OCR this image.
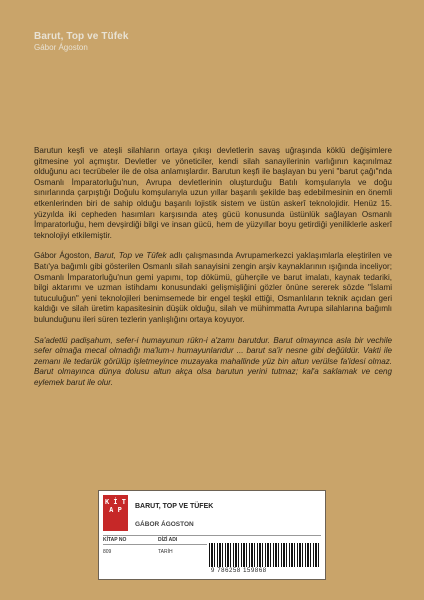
Barut, Top ve Tüfek
Gábor Ágoston

Barutun keşfi ve ateşli silahların ortaya çıkışı devletlerin savaş uğraşında köklü değişimlere gitmesine yol açmıştır. Devletler ve yöneticiler, kendi silah sanayilerinin varlığının kaçınılmaz olduğunu acı tecrübeler ile de olsa anlamışlardır. Barutun keşfi ile başlayan bu yeni "barut çağı"nda Osmanlı İmparatorluğu'nun, Avrupa devletlerinin oluşturduğu Batılı komşularıyla ve doğu sınırlarında çarpıştığı Doğulu komşularıyla uzun yıllar başarılı şekilde baş edebilmesinin en önemli etkenlerinden biri de sahip olduğu başarılı lojistik sistem ve üstün askerî teknolojidir. Henüz 15. yüzyılda iki cepheden hasımları karşısında ateş gücü konusunda üstünlük sağlayan Osmanlı İmparatorluğu, hem devşirdiği bilgi ve insan gücü, hem de yüzyıllar boyu getirdiği yeniliklerle askerî teknolojiyi etkilemiştir.

Gábor Ágoston, Barut, Top ve Tüfek adlı çalışmasında Avrupamerkezci yaklaşımlarla eleştirilen ve Batı'ya bağımlı gibi gösterilen Osmanlı silah sanayisini zengin arşiv kaynaklarının ışığında inceliyor; Osmanlı İmparatorluğu'nun gemi yapımı, top dökümü, güherçile ve barut imalatı, kaynak tedariki, bilgi aktarımı ve uzman istihdamı konusundaki gelişmişliğini gözler önüne sererek sözde "İslami tutuculuğun" yeni teknolojileri benimsemede bir engel teşkil ettiği, Osmanlıların teknik açıdan geri kaldığı ve silah üretim kapasitesinin düşük olduğu, silah ve mühimmatta Avrupa silahlarına bağımlı bulunduğunu ileri süren tezlerin yanlışlığını ortaya koyuyor.

Sa'adetlü padişahum, sefer-i humayunun rükn-i a'zamı barutdur. Barut olmayınca asla bir vechile sefer olmağa mecal olmadığı ma'lum-ı humayunlarıdur ... barut sa'ir nesne gibi değüldür. Vakti ile zemanı ile tedarük görülüp işletmeyince muzayaka mahallinde yüz bin altun verülse fa'idesi olmaz. Barut olmayınca dünya dolusu altun akça olsa barutun yerini tutmaz; kal'a saklamak ve ceng eylemek barut ile olur.

K İ T A P	BARUT, TOP VE TÜFEK
GÁBOR ÁGOSTON
KİTAP NO	DİZİ ADI
809	TARİH
9 786258 159868
